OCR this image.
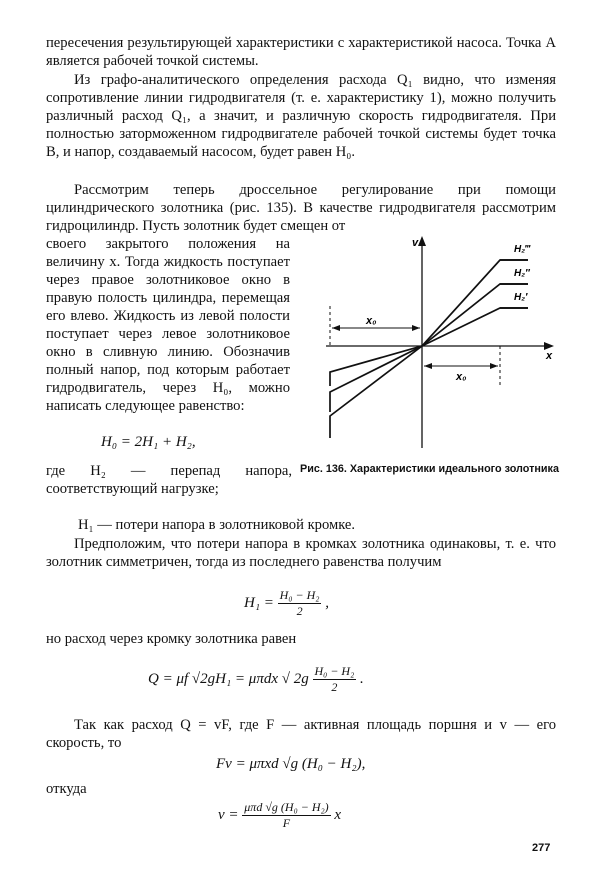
пересечения результирующей характеристики с характеристикой насоса. Точка A является рабочей точкой системы.

Из графо-аналитического определения расхода Q₁ видно, что изменяя сопротивление линии гидродвигателя (т. е. характеристику 1), можно получить различный расход Q₁, а значит, и различную скорость гидродвигателя. При полностью заторможенном гидродвигателе рабочей точкой системы будет точка B, и напор, создаваемый насосом, будет равен H₀.

Рассмотрим теперь дроссельное регулирование при помощи цилиндрического золотника (рис. 135). В качестве гидродвигателя рассмотрим гидроцилиндр. Пусть золотник будет смещен от

своего закрытого положения на величину x. Тогда жидкость поступает через правое золотниковое окно в правую полость цилиндра, перемещая его влево. Жидкость из левой полости поступает через левое золотниковое окно в сливную линию. Обозначив полный напор, под которым работает гидродвигатель, через H₀, можно написать следующее равенство:

H₀ = 2H₁ + H₂,
v
x
x₀
x₀
H₂‴
H₂″
H₂′
Рис. 136. Характеристики идеального золотника

где H₂ — перепад напора, соответствующий нагрузке;

H₁ — потери напора в золотниковой кромке.

Предположим, что потери напора в кромках золотника одинаковы, т. е. что золотник симметричен, тогда из последнего равенства получим

$H_1 = \frac{\text{H₀ − H₂}}{2}$ ,

но расход через кромку золотника равен

Q = μf √2gH₁ = μπdx √ $2g \frac{\text{H₀ − H₂}}{2}$ .

Так как расход Q = vF, где F — активная площадь поршня и v — его скорость, то

Fv = μπxd √g (H₀ − H₂),

откуда

$v = \frac{\text{μπd √g (H₀ − H₂)}}{F}$ x
277
